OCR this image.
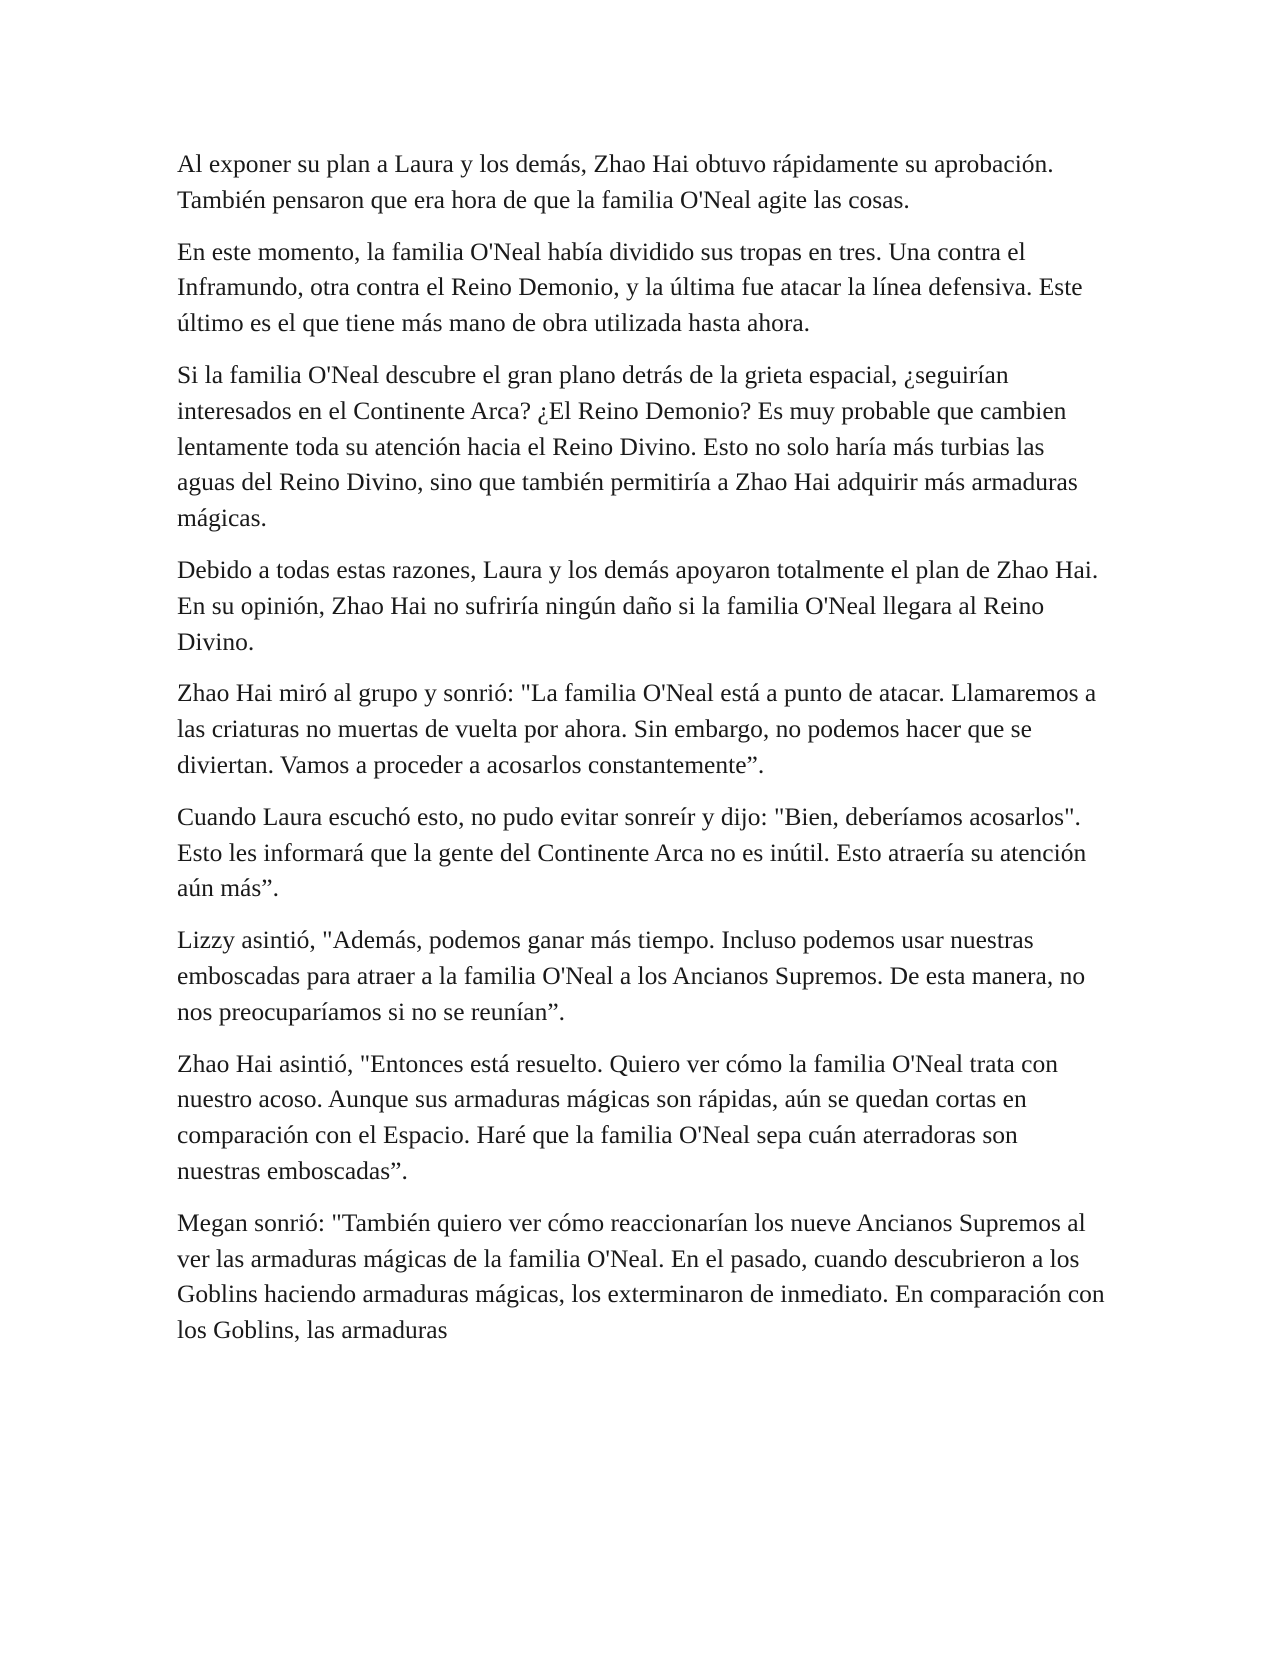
Al exponer su plan a Laura y los demás, Zhao Hai obtuvo rápidamente su aprobación. También pensaron que era hora de que la familia O'Neal agite las cosas.

En este momento, la familia O'Neal había dividido sus tropas en tres. Una contra el Inframundo, otra contra el Reino Demonio, y la última fue atacar la línea defensiva. Este último es el que tiene más mano de obra utilizada hasta ahora.

Si la familia O'Neal descubre el gran plano detrás de la grieta espacial, ¿seguirían interesados en el Continente Arca? ¿El Reino Demonio? Es muy probable que cambien lentamente toda su atención hacia el Reino Divino. Esto no solo haría más turbias las aguas del Reino Divino, sino que también permitiría a Zhao Hai adquirir más armaduras mágicas.

Debido a todas estas razones, Laura y los demás apoyaron totalmente el plan de Zhao Hai. En su opinión, Zhao Hai no sufriría ningún daño si la familia O'Neal llegara al Reino Divino.

Zhao Hai miró al grupo y sonrió: "La familia O'Neal está a punto de atacar. Llamaremos a las criaturas no muertas de vuelta por ahora. Sin embargo, no podemos hacer que se diviertan. Vamos a proceder a acosarlos constantemente”.

Cuando Laura escuchó esto, no pudo evitar sonreír y dijo: "Bien, deberíamos acosarlos". Esto les informará que la gente del Continente Arca no es inútil. Esto atraería su atención aún más”.

Lizzy asintió, "Además, podemos ganar más tiempo. Incluso podemos usar nuestras emboscadas para atraer a la familia O'Neal a los Ancianos Supremos. De esta manera, no nos preocuparíamos si no se reunían”.

Zhao Hai asintió, "Entonces está resuelto. Quiero ver cómo la familia O'Neal trata con nuestro acoso. Aunque sus armaduras mágicas son rápidas, aún se quedan cortas en comparación con el Espacio. Haré que la familia O'Neal sepa cuán aterradoras son nuestras emboscadas”.

Megan sonrió: "También quiero ver cómo reaccionarían los nueve Ancianos Supremos al ver las armaduras mágicas de la familia O'Neal. En el pasado, cuando descubrieron a los Goblins haciendo armaduras mágicas, los exterminaron de inmediato. En comparación con los Goblins, las armaduras
